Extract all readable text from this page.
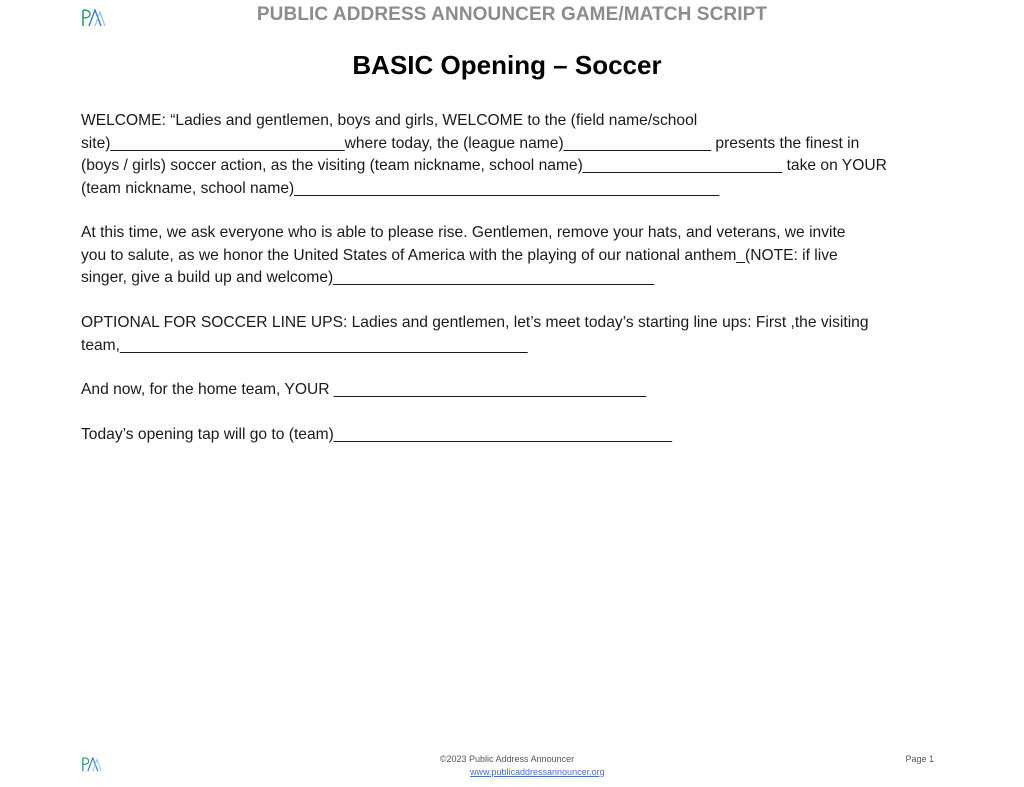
PUBLIC ADDRESS ANNOUNCER GAME/MATCH SCRIPT
BASIC Opening – Soccer
WELCOME: “Ladies and gentlemen, boys and girls, WELCOME to the (field name/school
site)___________________________where today, the (league name)_________________ presents the finest in
(boys / girls) soccer action, as the visiting (team nickname, school name)_______________________ take on YOUR
(team nickname, school name)_________________________________________________
At this time, we ask everyone who is able to please rise. Gentlemen, remove your hats, and veterans, we invite
you to salute, as we honor the United States of America with the playing of our national anthem_(NOTE: if live
singer, give a build up and welcome)_____________________________________
OPTIONAL FOR SOCCER LINE UPS: Ladies and gentlemen, let’s meet today’s starting line ups: First ,the visiting
team,_______________________________________________
And now, for the home team, YOUR ____________________________________
Today’s opening tap will go to (team)_______________________________________
©2023 Public Address Announcer
www.publicaddressannouncer.org
Page 1
